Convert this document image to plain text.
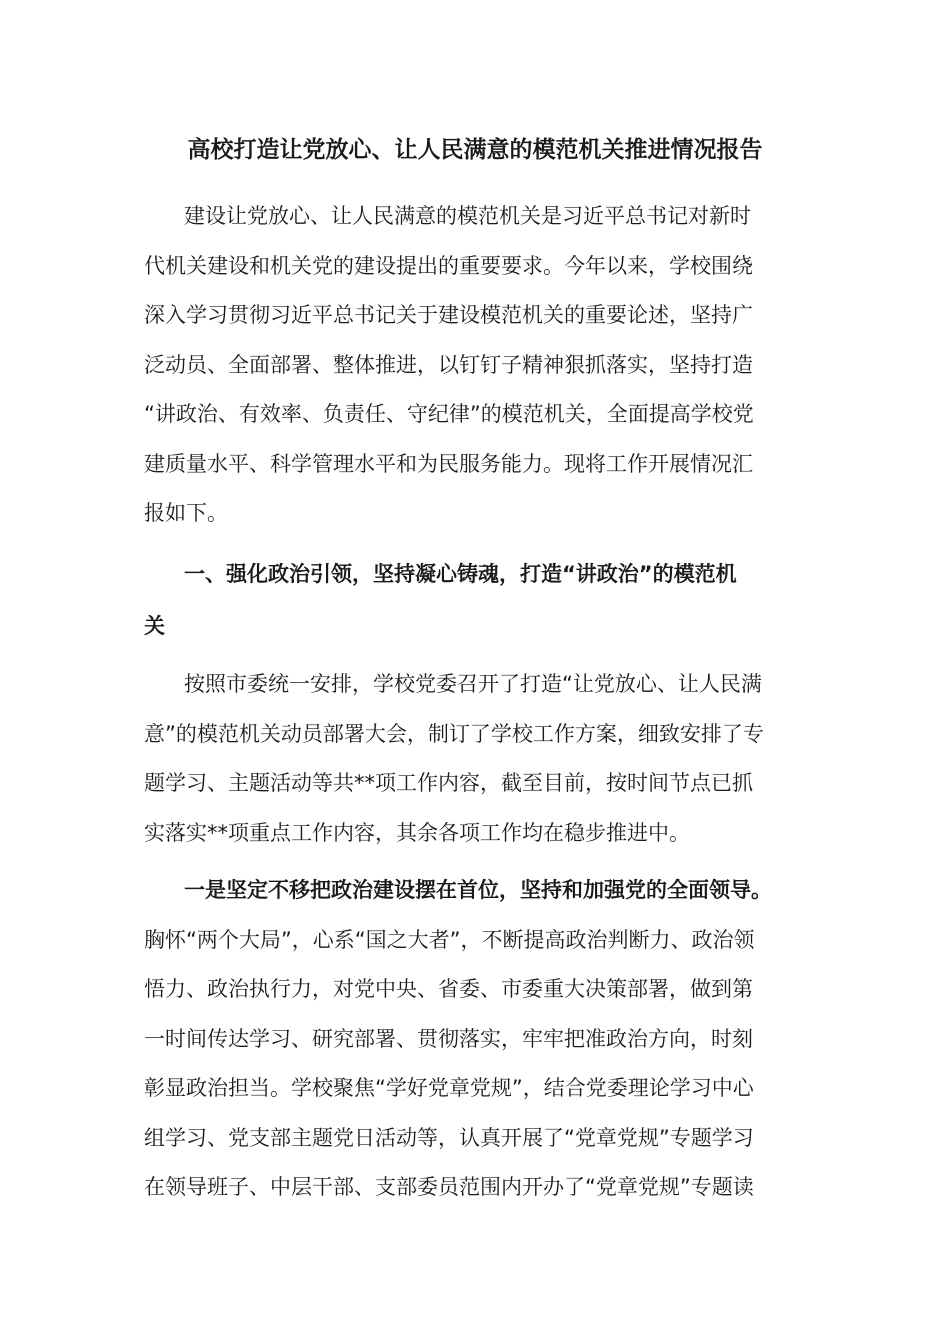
高校打造让党放心、让人民满意的模范机关推进情况报告
建设让党放心、让人民满意的模范机关是习近平总书记对新时
代机关建设和机关党的建设提出的重要要求。今年以来，学校围绕
深入学习贯彻习近平总书记关于建设模范机关的重要论述，坚持广
泛动员、全面部署、整体推进，以钉钉子精神狠抓落实，坚持打造
“讲政治、有效率、负责任、守纪律”的模范机关，全面提高学校党
建质量水平、科学管理水平和为民服务能力。现将工作开展情况汇
报如下。
一、强化政治引领，坚持凝心铸魂，打造“讲政治”的模范机
关
按照市委统一安排，学校党委召开了打造“让党放心、让人民满
意”的模范机关动员部署大会，制订了学校工作方案，细致安排了专
题学习、主题活动等共**项工作内容，截至目前，按时间节点已抓
实落实**项重点工作内容，其余各项工作均在稳步推进中。
一是坚定不移把政治建设摆在首位，坚持和加强党的全面领导。
胸怀“两个大局”，心系“国之大者”，不断提高政治判断力、政治领
悟力、政治执行力，对党中央、省委、市委重大决策部署，做到第
一时间传达学习、研究部署、贯彻落实，牢牢把准政治方向，时刻
彰显政治担当。学校聚焦“学好党章党规”，结合党委理论学习中心
组学习、党支部主题党日活动等，认真开展了“党章党规”专题学习
在领导班子、中层干部、支部委员范围内开办了“党章党规”专题读
